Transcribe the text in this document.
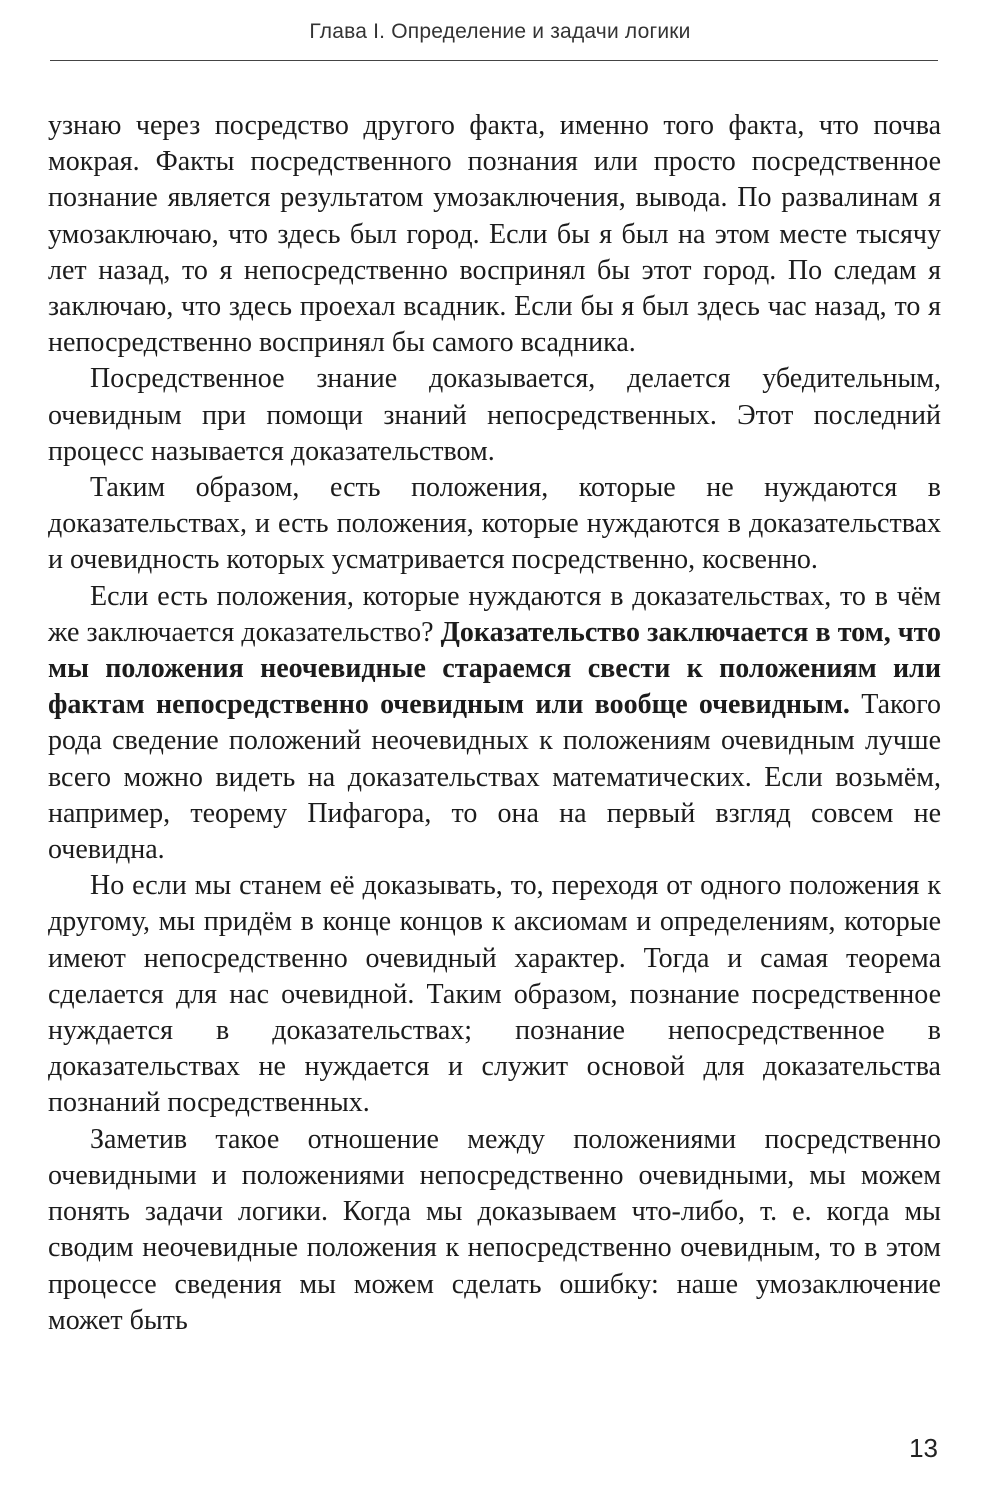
Глава I. Определение и задачи логики

узнаю через посредство другого факта, именно того факта, что почва мокрая. Факты посредственного познания или просто посредственное познание является результатом умозаключения, вывода. По развалинам я умозаключаю, что здесь был город. Если бы я был на этом месте тысячу лет назад, то я непосредственно воспринял бы этот город. По следам я заключаю, что здесь проехал всадник. Если бы я был здесь час назад, то я непосредственно воспринял бы самого всадника.

Посредственное знание доказывается, делается убедительным, очевидным при помощи знаний непосредственных. Этот последний процесс называется доказательством.

Таким образом, есть положения, которые не нуждаются в доказательствах, и есть положения, которые нуждаются в доказательствах и очевидность которых усматривается посредственно, косвенно.

Если есть положения, которые нуждаются в доказательствах, то в чём же заключается доказательство? Доказательство заключается в том, что мы положения неочевидные стараемся свести к положениям или фактам непосредственно очевидным или вообще очевидным. Такого рода сведение положений неочевидных к положениям очевидным лучше всего можно видеть на доказательствах математических. Если возьмём, например, теорему Пифагора, то она на первый взгляд совсем не очевидна.

Но если мы станем её доказывать, то, переходя от одного положения к другому, мы придём в конце концов к аксиомам и определениям, которые имеют непосредственно очевидный характер. Тогда и самая теорема сделается для нас очевидной. Таким образом, познание посредственное нуждается в доказательствах; познание непосредственное в доказательствах не нуждается и служит основой для доказательства познаний посредственных.

Заметив такое отношение между положениями посредственно очевидными и положениями непосредственно очевидными, мы можем понять задачи логики. Когда мы доказываем что-либо, т. е. когда мы сводим неочевидные положения к непосредственно очевидным, то в этом процессе сведения мы можем сделать ошибку: наше умозаключение может быть

13
